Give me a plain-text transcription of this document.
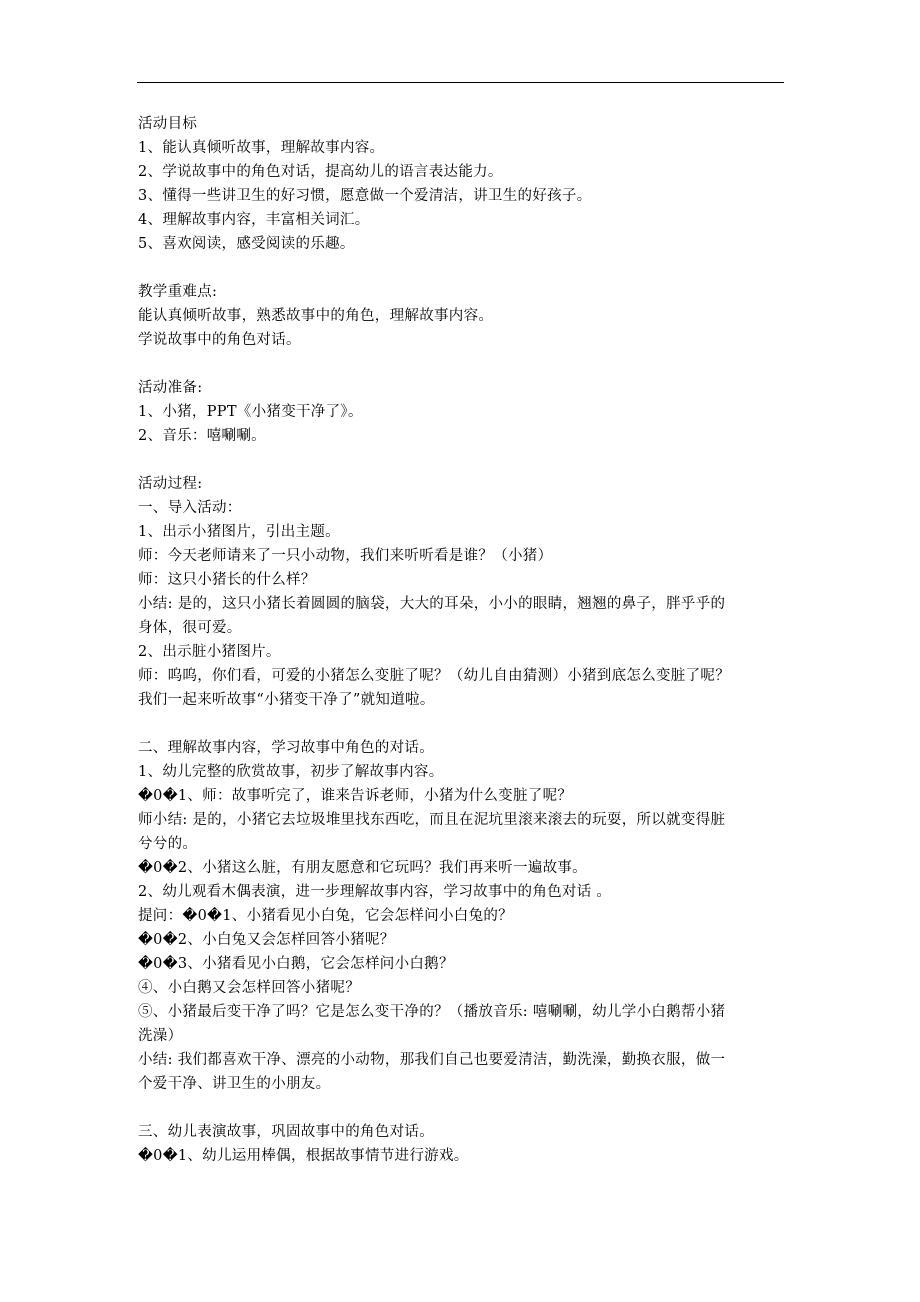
活动目标
1、能认真倾听故事，理解故事内容。
2、学说故事中的角色对话，提高幼儿的语言表达能力。
3、懂得一些讲卫生的好习惯，愿意做一个爱清洁，讲卫生的好孩子。
4、理解故事内容，丰富相关词汇。
5、喜欢阅读，感受阅读的乐趣。
教学重难点:
能认真倾听故事，熟悉故事中的角色，理解故事内容。
学说故事中的角色对话。
活动准备:
1、小猪，PPT《小猪变干净了》。
2、音乐：嘻唰唰。
活动过程:
一、导入活动：
1、出示小猪图片，引出主题。
师：今天老师请来了一只小动物，我们来听听看是谁？（小猪）
师：这只小猪长的什么样？
小结: 是的，这只小猪长着圆圆的脑袋，大大的耳朵，小小的眼睛，翘翘的鼻子，胖乎乎的
身体，很可爱。
2、出示脏小猪图片。
师：呜呜，你们看，可爱的小猪怎么变脏了呢？（幼儿自由猜测）小猪到底怎么变脏了呢？
我们一起来听故事“小猪变干净了”就知道啦。
二、理解故事内容，学习故事中角色的对话。
1、幼儿完整的欣赏故事，初步了解故事内容。
�0�1、师：故事听完了，谁来告诉老师，小猪为什么变脏了呢？
师小结: 是的，小猪它去垃圾堆里找东西吃，而且在泥坑里滚来滚去的玩耍，所以就变得脏
兮兮的。
�0�2、小猪这么脏，有朋友愿意和它玩吗？我们再来听一遍故事。
2、幼儿观看木偶表演，进一步理解故事内容，学习故事中的角色对话 。
提问：�0�1、小猪看见小白兔，它会怎样问小白兔的？
�0�2、小白兔又会怎样回答小猪呢？
�0�3、小猪看见小白鹅，它会怎样问小白鹅？
④、小白鹅又会怎样回答小猪呢？
⑤、小猪最后变干净了吗？它是怎么变干净的？（播放音乐: 嘻唰唰，幼儿学小白鹅帮小猪
洗澡）
小结: 我们都喜欢干净、漂亮的小动物，那我们自己也要爱清洁，勤洗澡，勤换衣服，做一
个爱干净、讲卫生的小朋友。
三、幼儿表演故事，巩固故事中的角色对话。
�0�1、幼儿运用棒偶，根据故事情节进行游戏。
